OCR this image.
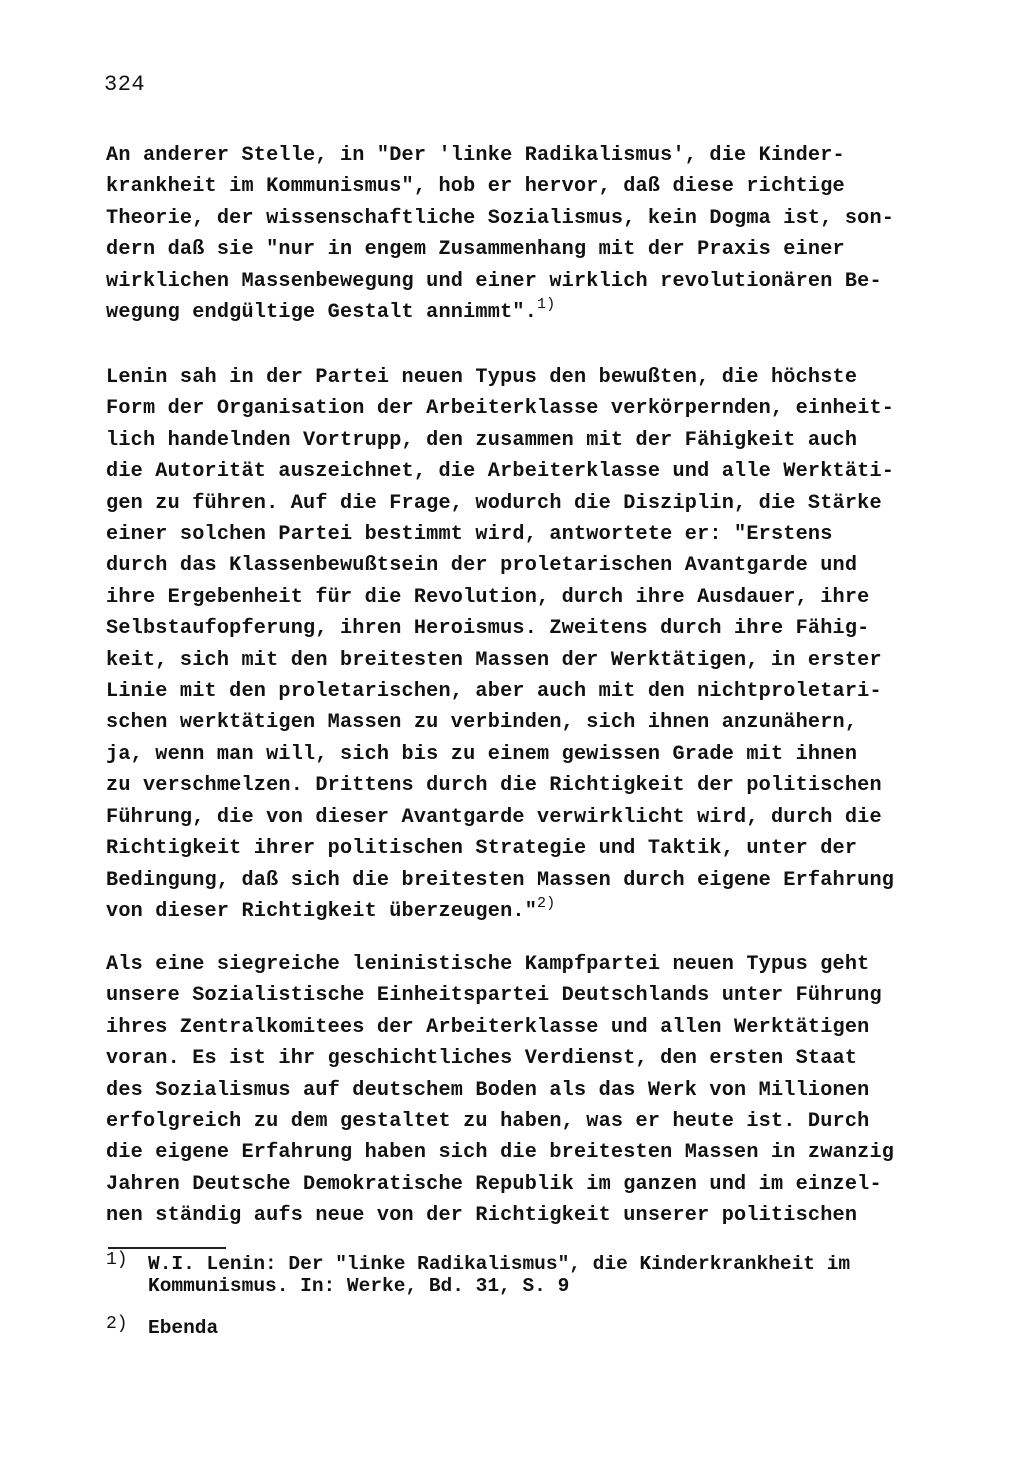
324
An anderer Stelle, in "Der 'linke Radikalismus', die Kinder-
krankheit im Kommunismus", hob er hervor, daß diese richtige
Theorie, der wissenschaftliche Sozialismus, kein Dogma ist, son-
dern daß sie "nur in engem Zusammenhang mit der Praxis einer
wirklichen Massenbewegung und einer wirklich revolutionären Be-
wegung endgültige Gestalt annimmt".$^{1)}$
Lenin sah in der Partei neuen Typus den bewußten, die höchste
Form der Organisation der Arbeiterklasse verkörpernden, einheit-
lich handelnden Vortrupp, den zusammen mit der Fähigkeit auch
die Autorität auszeichnet, die Arbeiterklasse und alle Werktäti-
gen zu führen. Auf die Frage, wodurch die Disziplin, die Stärke
einer solchen Partei bestimmt wird, antwortete er: "Erstens
durch das Klassenbewußtsein der proletarischen Avantgarde und
ihre Ergebenheit für die Revolution, durch ihre Ausdauer, ihre
Selbstaufopferung, ihren Heroismus. Zweitens durch ihre Fähig-
keit, sich mit den breitesten Massen der Werktätigen, in erster
Linie mit den proletarischen, aber auch mit den nichtproletari-
schen werktätigen Massen zu verbinden, sich ihnen anzunähern,
ja, wenn man will, sich bis zu einem gewissen Grade mit ihnen
zu verschmelzen. Drittens durch die Richtigkeit der politischen
Führung, die von dieser Avantgarde verwirklicht wird, durch die
Richtigkeit ihrer politischen Strategie und Taktik, unter der
Bedingung, daß sich die breitesten Massen durch eigene Erfahrung
von dieser Richtigkeit überzeugen."$^{2)}$
Als eine siegreiche leninistische Kampfpartei neuen Typus geht
unsere Sozialistische Einheitspartei Deutschlands unter Führung
ihres Zentralkomitees der Arbeiterklasse und allen Werktätigen
voran. Es ist ihr geschichtliches Verdienst, den ersten Staat
des Sozialismus auf deutschem Boden als das Werk von Millionen
erfolgreich zu dem gestaltet zu haben, was er heute ist. Durch
die eigene Erfahrung haben sich die breitesten Massen in zwanzig
Jahren Deutsche Demokratische Republik im ganzen und im einzel-
nen ständig aufs neue von der Richtigkeit unserer politischen
1) W.I. Lenin: Der "linke Radikalismus", die Kinderkrankheit im
Kommunismus. In: Werke, Bd. 31, S. 9
2) Ebenda
